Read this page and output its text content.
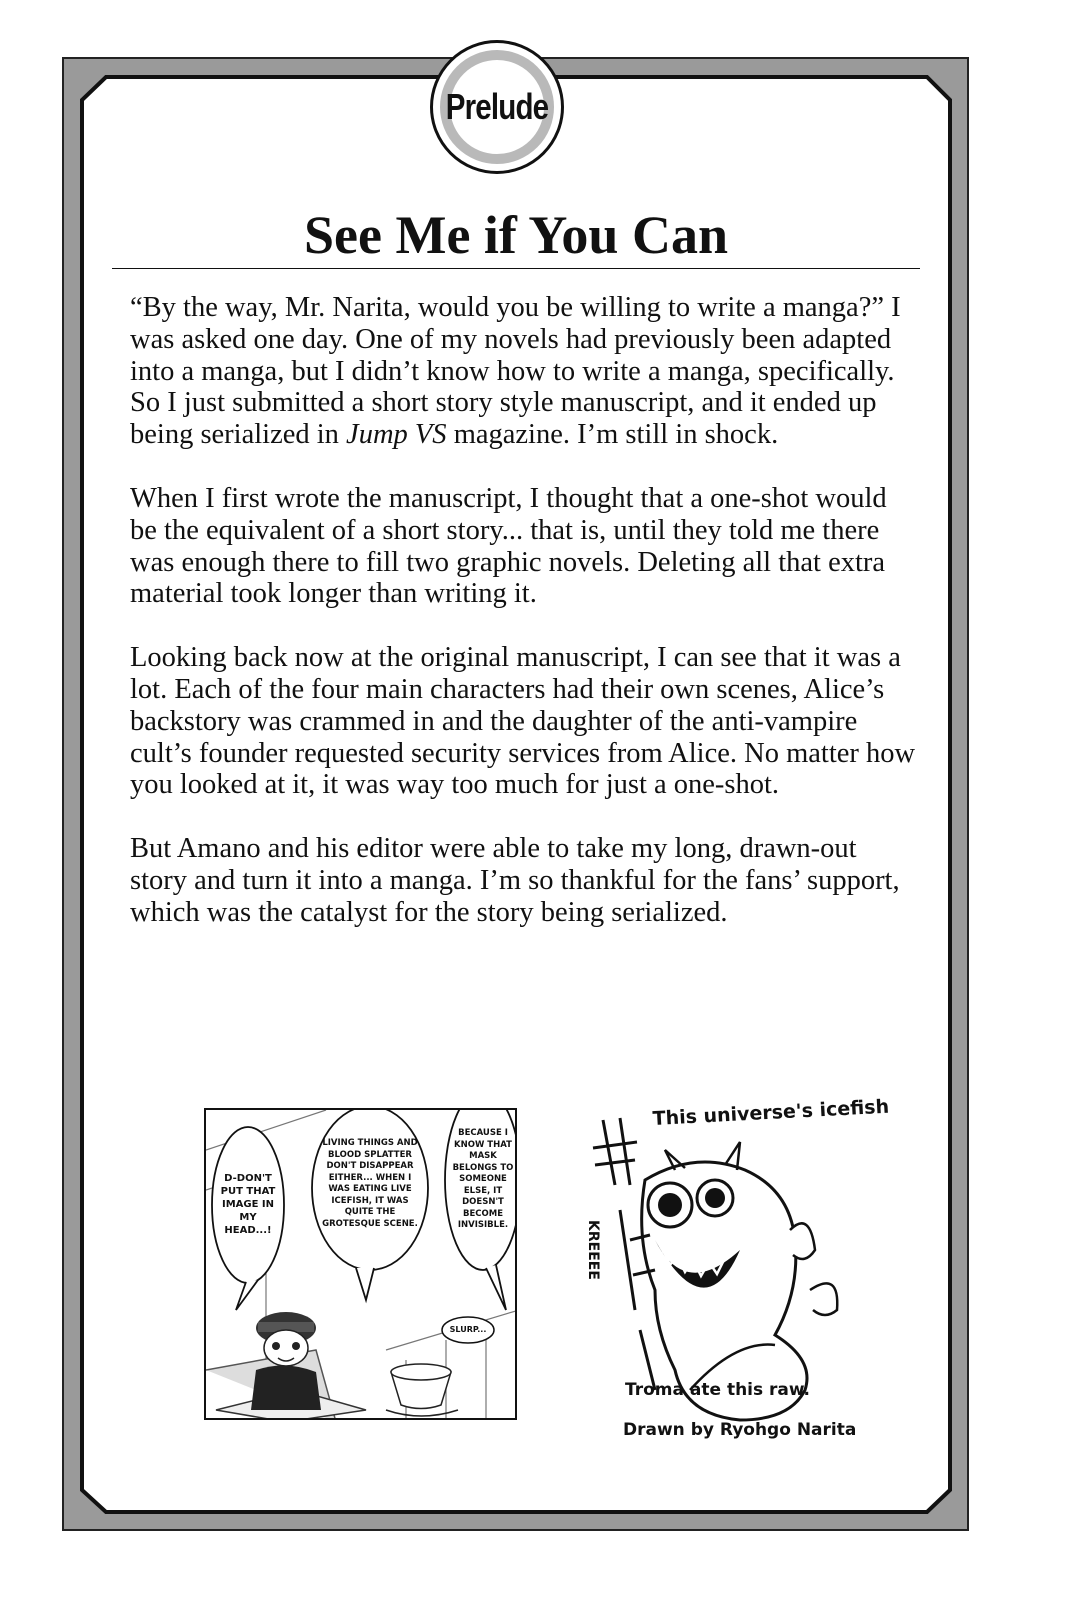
Prelude
See Me if You Can

“By the way, Mr. Narita, would you be willing to write a manga?” I was asked one day. One of my novels had previously been adapted into a manga, but I didn’t know how to write a manga, specifically. So I just submitted a short story style manuscript, and it ended up being serialized in Jump VS magazine. I’m still in shock.

When I first wrote the manuscript, I thought that a one-shot would be the equivalent of a short story... that is, until they told me there was enough there to fill two graphic novels. Deleting all that extra material took longer than writing it.

Looking back now at the original manuscript, I can see that it was a lot. Each of the four main characters had their own scenes, Alice’s backstory was crammed in and the daughter of the anti-vampire cult’s founder requested security services from Alice. No matter how you looked at it, it was way too much for just a one-shot.

But Amano and his editor were able to take my long, drawn-out story and turn it into a manga. I’m so thankful for the fans’ support, which was the catalyst for the story being serialized.

D-DON'T PUT THAT IMAGE IN MY HEAD...!
LIVING THINGS AND BLOOD SPLATTER DON'T DISAPPEAR EITHER... WHEN I WAS EATING LIVE ICEFISH, IT WAS QUITE THE GROTESQUE SCENE.
BECAUSE I KNOW THAT MASK BELONGS TO SOMEONE ELSE, IT DOESN'T BECOME INVISIBLE.
SLURP...
This universe's icefish
KREEEE
Troma ate this raw.
Drawn by Ryohgo Narita
